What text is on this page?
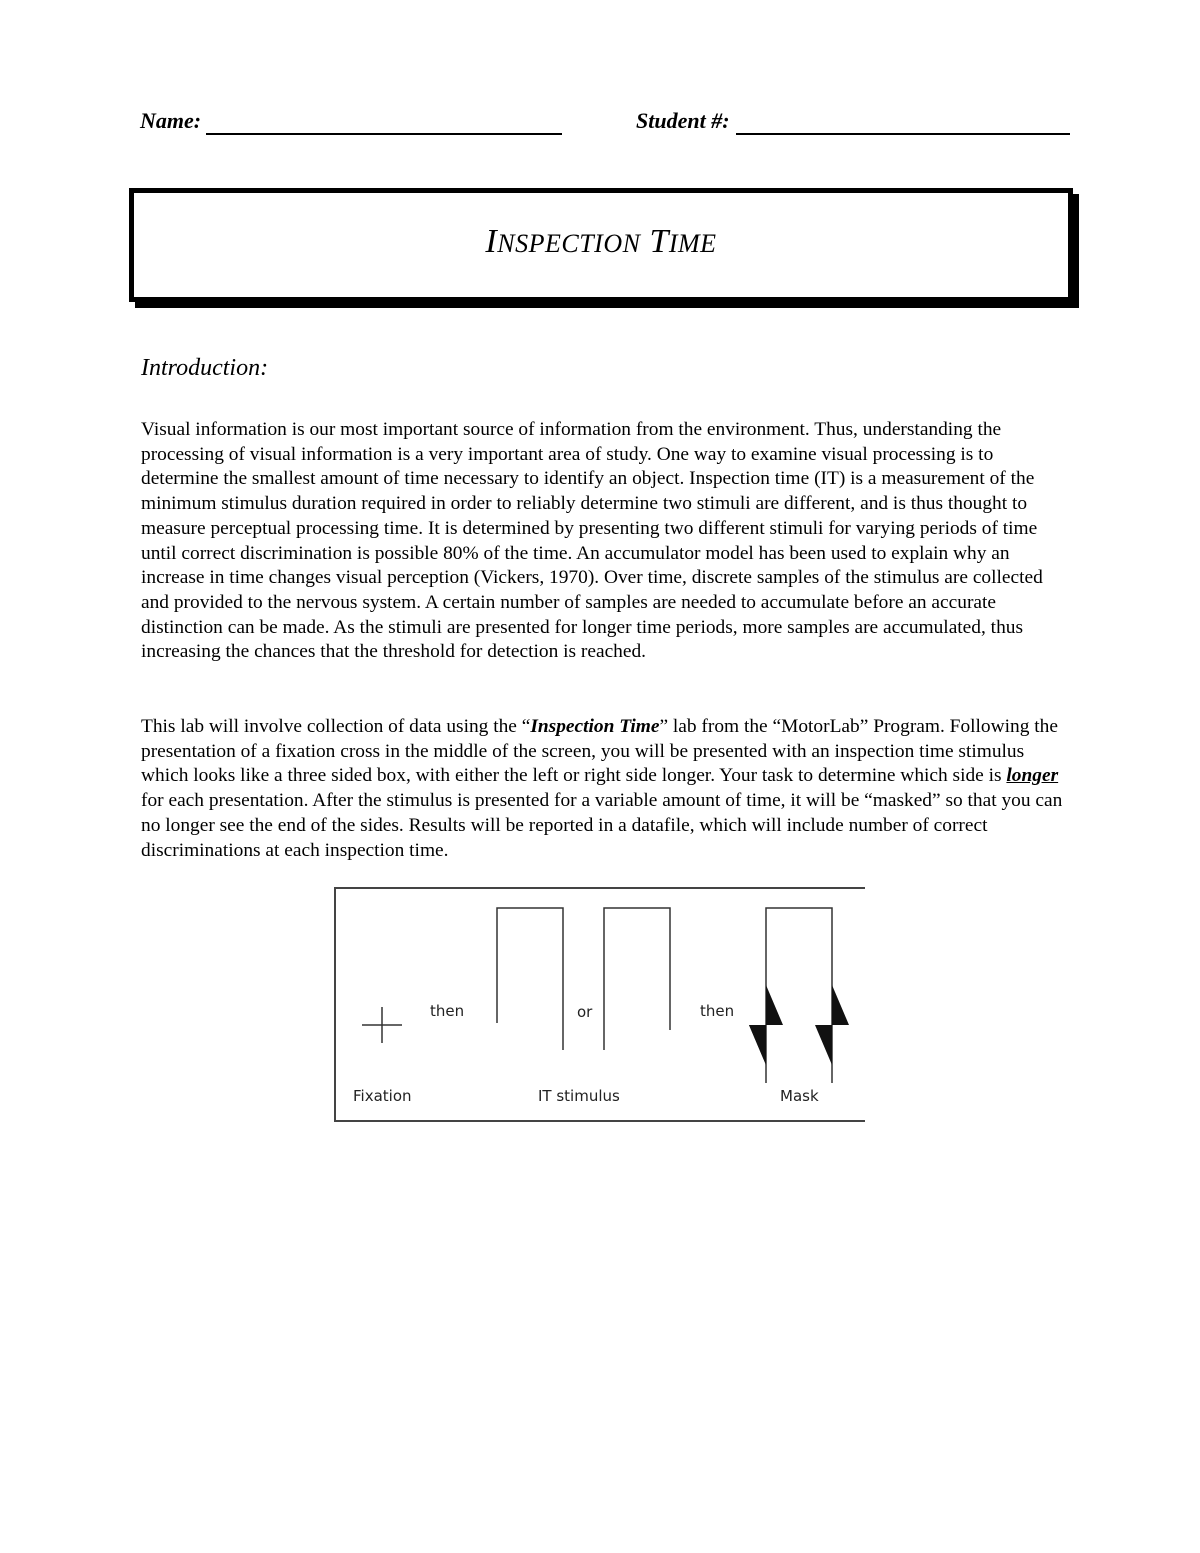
Name:	Student #:
INSPECTION TIME
Introduction:
Visual information is our most important source of information from the environment. Thus, understanding the processing of visual information is a very important area of study. One way to examine visual processing is to determine the smallest amount of time necessary to identify an object. Inspection time (IT) is a measurement of the minimum stimulus duration required in order to reliably determine two stimuli are different, and is thus thought to measure perceptual processing time. It is determined by presenting two different stimuli for varying periods of time until correct discrimination is possible 80% of the time. An accumulator model has been used to explain why an increase in time changes visual perception (Vickers, 1970). Over time, discrete samples of the stimulus are collected and provided to the nervous system. A certain number of samples are needed to accumulate before an accurate distinction can be made. As the stimuli are presented for longer time periods, more samples are accumulated, thus increasing the chances that the threshold for detection is reached.
This lab will involve collection of data using the “Inspection Time” lab from the “MotorLab” Program. Following the presentation of a fixation cross in the middle of the screen, you will be presented with an inspection time stimulus which looks like a three sided box, with either the left or right side longer. Your task to determine which side is longer for each presentation. After the stimulus is presented for a variable amount of time, it will be “masked” so that you can no longer see the end of the sides. Results will be reported in a datafile, which will include number of correct discriminations at each inspection time.
then	or	then
Fixation	IT stimulus	Mask
